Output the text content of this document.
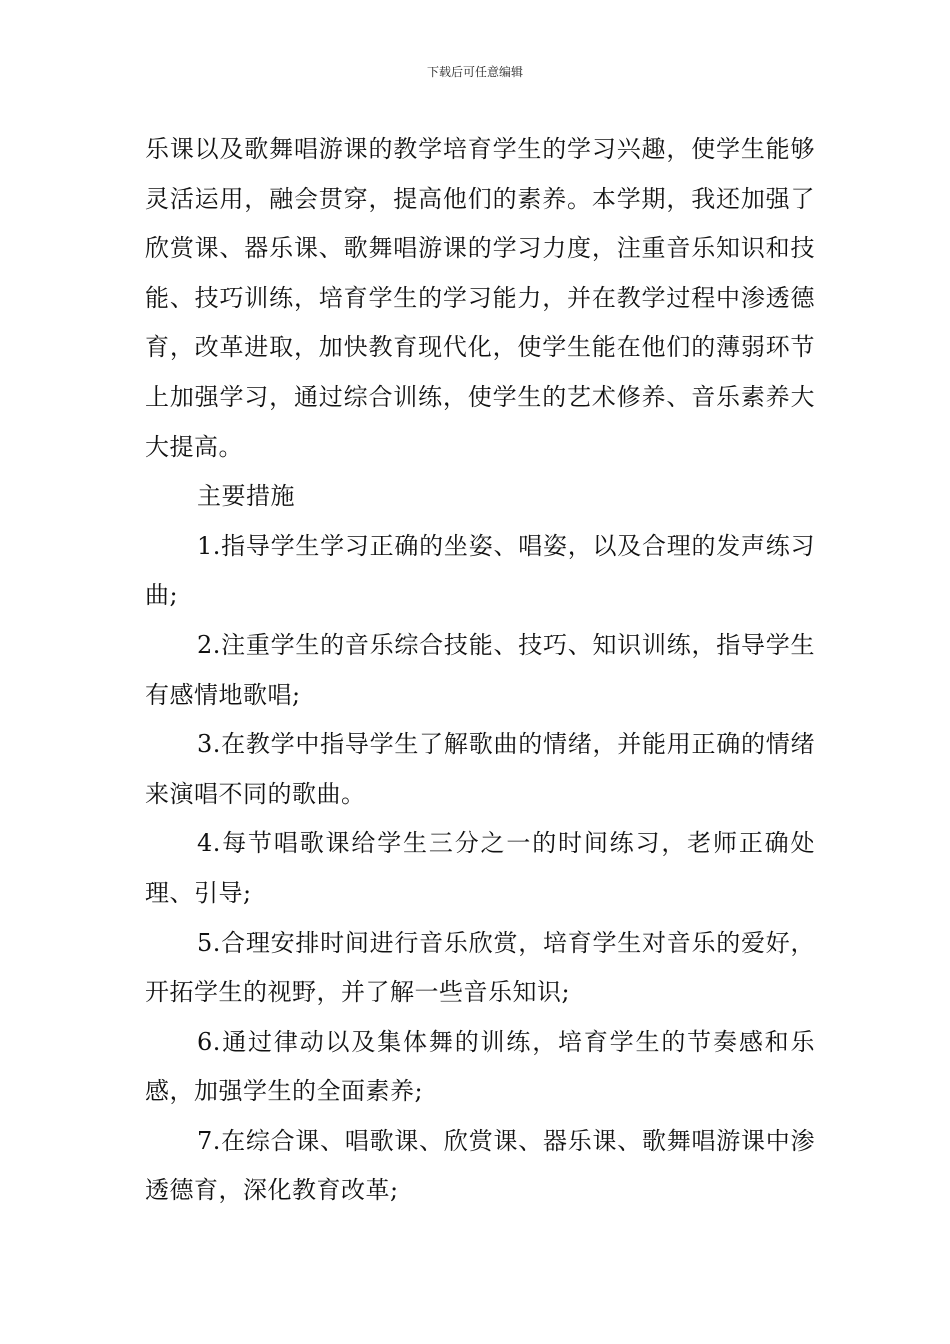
下载后可任意编辑

乐课以及歌舞唱游课的教学培育学生的学习兴趣，使学生能够灵活运用，融会贯穿，提高他们的素养。本学期，我还加强了欣赏课、器乐课、歌舞唱游课的学习力度，注重音乐知识和技能、技巧训练，培育学生的学习能力，并在教学过程中渗透德育，改革进取，加快教育现代化，使学生能在他们的薄弱环节上加强学习，通过综合训练，使学生的艺术修养、音乐素养大大提高。

主要措施

1.指导学生学习正确的坐姿、唱姿，以及合理的发声练习曲;

2.注重学生的音乐综合技能、技巧、知识训练，指导学生有感情地歌唱;

3.在教学中指导学生了解歌曲的情绪，并能用正确的情绪来演唱不同的歌曲。

4.每节唱歌课给学生三分之一的时间练习，老师正确处理、引导;

5.合理安排时间进行音乐欣赏，培育学生对音乐的爱好，开拓学生的视野，并了解一些音乐知识;

6.通过律动以及集体舞的训练，培育学生的节奏感和乐感，加强学生的全面素养;

7.在综合课、唱歌课、欣赏课、器乐课、歌舞唱游课中渗透德育，深化教育改革;
